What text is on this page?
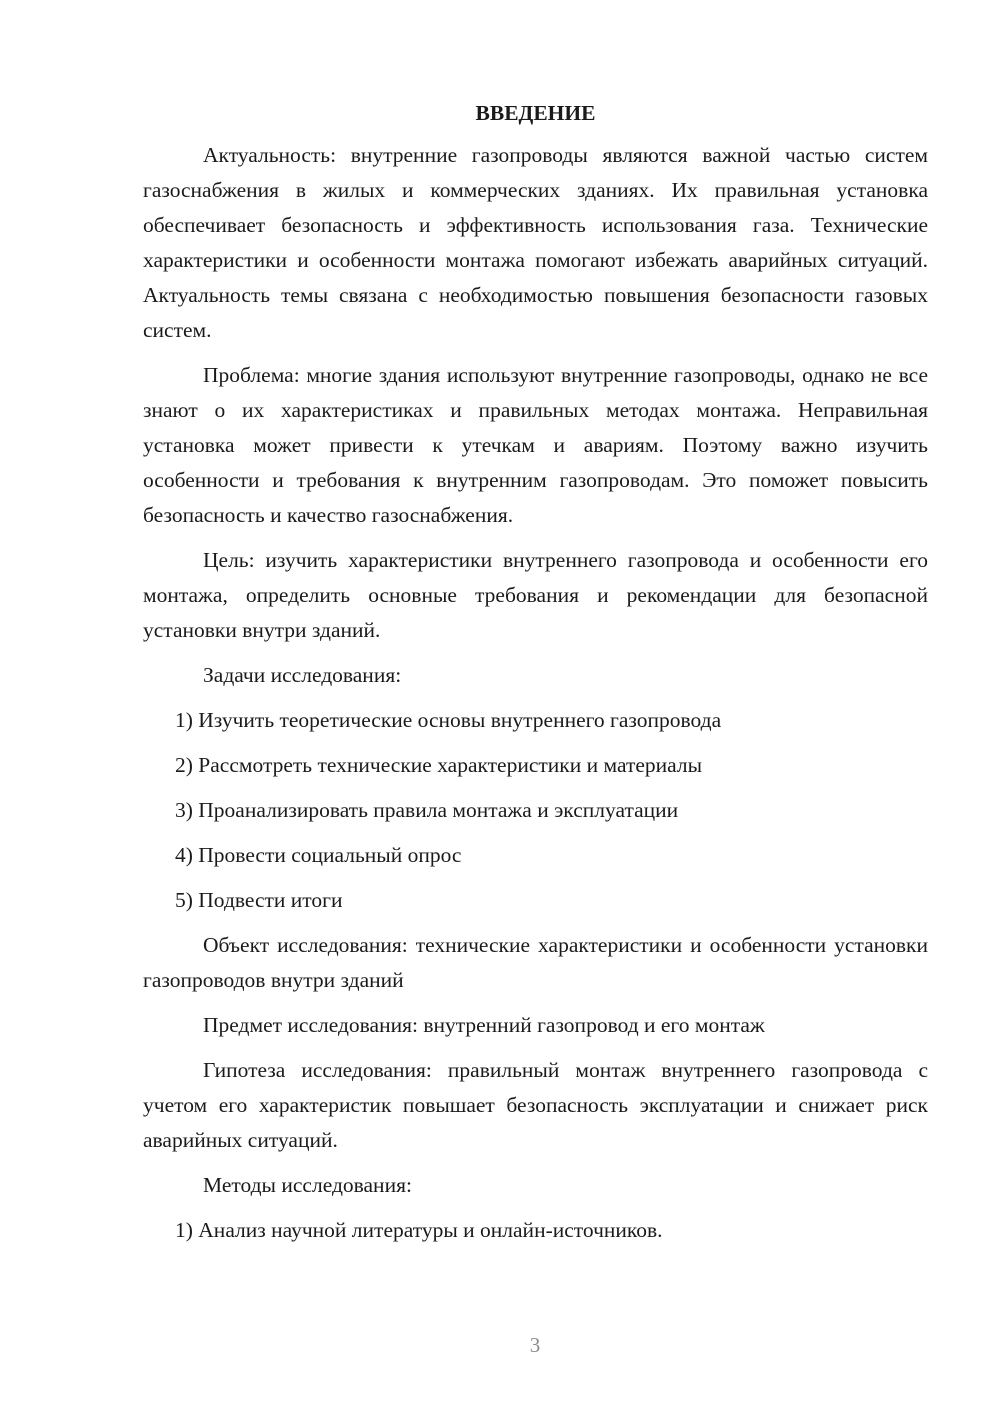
ВВЕДЕНИЕ

Актуальность: внутренние газопроводы являются важной частью систем газоснабжения в жилых и коммерческих зданиях. Их правильная установка обеспечивает безопасность и эффективность использования газа. Технические характеристики и особенности монтажа помогают избежать аварийных ситуаций. Актуальность темы связана с необходимостью повышения безопасности газовых систем.

Проблема: многие здания используют внутренние газопроводы, однако не все знают о их характеристиках и правильных методах монтажа. Неправильная установка может привести к утечкам и авариям. Поэтому важно изучить особенности и требования к внутренним газопроводам. Это поможет повысить безопасность и качество газоснабжения.

Цель: изучить характеристики внутреннего газопровода и особенности его монтажа, определить основные требования и рекомендации для безопасной установки внутри зданий.

Задачи исследования:

1) Изучить теоретические основы внутреннего газопровода
2) Рассмотреть технические характеристики и материалы
3) Проанализировать правила монтажа и эксплуатации
4) Провести социальный опрос
5) Подвести итоги

Объект исследования: технические характеристики и особенности установки газопроводов внутри зданий

Предмет исследования: внутренний газопровод и его монтаж

Гипотеза исследования: правильный монтаж внутреннего газопровода с учетом его характеристик повышает безопасность эксплуатации и снижает риск аварийных ситуаций.

Методы исследования:

1) Анализ научной литературы и онлайн-источников.
3
